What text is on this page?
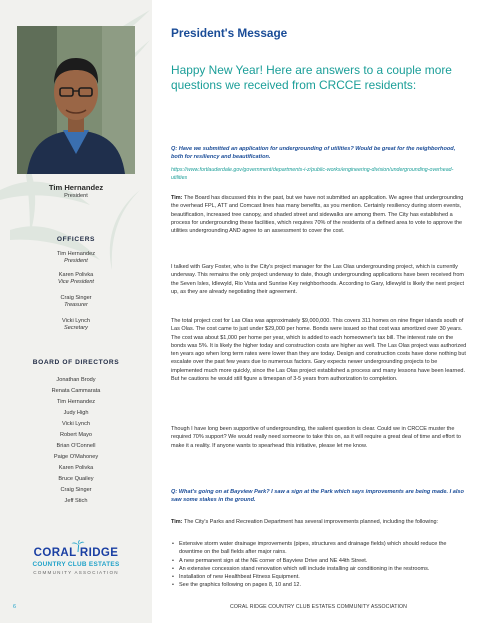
Tim Hernandez
President
OFFICERS
Tim Hernandez
President
Karen Polivka
Vice President
Craig Singer
Treasurer
Vicki Lynch
Secretary
BOARD OF DIRECTORS
Jonathan Brody
Renata Cammarata
Tim Hernandez
Judy High
Vicki Lynch
Robert Mayo
Brian O'Connell
Paige O'Mahoney
Karen Polivka
Bruce Quailey
Craig Singer
Jeff Stich
CORAL RIDGE
COUNTRY CLUB ESTATES
COMMUNITY ASSOCIATION
6
President's Message
Happy New Year! Here are answers to a couple more questions we received from CRCCE residents:
Q: Have we submitted an application for undergrounding of utilities? Would be great for the neighborhood, both for resiliency and beautification.
https://www.fortlauderdale.gov/government/departments-i-z/public-works/engineering-division/undergrounding-overhead-utilities
Tim: The Board has discussed this in the past, but we have not submitted an application. We agree that undergrounding the overhead FPL, ATT and Comcast lines has many benefits, as you mention. Certainly resiliency during storm events, beautification, increased tree canopy, and shaded street and sidewalks are among them. The City has established a process for undergrounding these facilities, which requires 70% of the residents of a defined area to vote to approve the utilities undergrounding AND agree to an assessment to cover the cost.
I talked with Gary Foster, who is the City's project manager for the Las Olas undergrounding project, which is currently underway. This remains the only project underway to date, though undergrounding applications have been received from the Seven Isles, Idlewyld, Rio Vista and Sunrise Key neighborhoods. According to Gary, Idlewyld is likely the next project up, as they are already negotiating their agreement.
The total project cost for Las Olas was approximately $9,000,000. This covers 311 homes on nine finger islands south of Las Olas. The cost came to just under $29,000 per home. Bonds were issued so that cost was amortized over 30 years. The cost was about $1,000 per home per year, which is added to each homeowner's tax bill. The interest rate on the bonds was 5%. It is likely the higher today and construction costs are higher as well. The Las Olas project was authorized ten years ago when long term rates were lower than they are today. Design and construction costs have done nothing but escalate over the past few years due to numerous factors. Gary expects newer undergrounding projects to be implemented much more quickly, since the Las Olas project established a process and many lessons have been learned. But he cautions he would still figure a timespan of 3-5 years from authorization to completion.
Though I have long been supportive of undergrounding, the salient question is clear. Could we in CRCCE muster the required 70% support? We would really need someone to take this on, as it will require a great deal of time and effort to make it a reality. If anyone wants to spearhead this initiative, please let me know.
Q: What's going on at Bayview Park? I saw a sign at the Park which says improvements are being made. I also saw some stakes in the ground.
Tim: The City's Parks and Recreation Department has several improvements planned, including the following:
• Extensive storm water drainage improvements (pipes, structures and drainage fields) which should reduce the downtime on the ball fields after major rains.
• A new permanent sign at the NE corner of Bayview Drive and NE 44th Street.
• An extensive concession stand renovation which will include installing air conditioning in the restrooms.
• Installation of new Healthbeat Fitness Equipment.
• See the graphics following on pages 8, 10 and 12.
CORAL RIDGE COUNTRY CLUB ESTATES COMMUNITY ASSOCIATION
